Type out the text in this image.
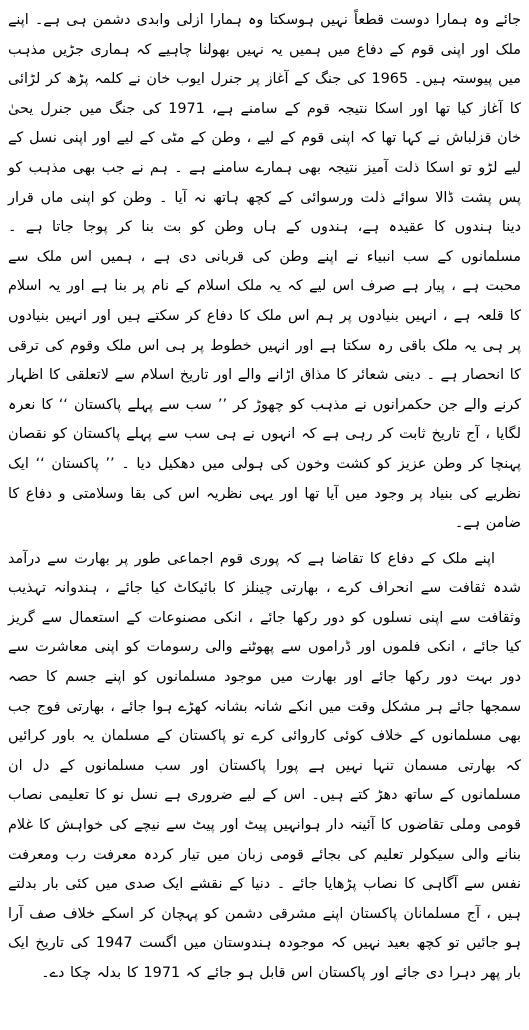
جائے وہ ہمارا دوست قطعاً نہیں ہوسکتا وہ ہمارا ازلی وابدی دشمن ہی ہے۔ اپنے ملک اور اپنی قوم کے دفاع میں ہمیں یہ نہیں بھولنا چاہیے کہ ہماری جڑیں مذہب میں پیوستہ ہیں۔ 1965 کی جنگ کے آغاز پر جنرل ایوب خان نے کلمہ پڑھ کر لڑائی کا آغاز کیا تھا اور اسکا نتیجہ قوم کے سامنے ہے، 1971 کی جنگ میں جنرل یحیٰ خان قزلباش نے کہا تھا کہ اپنی قوم کے لیے ، وطن کے مٹی کے لیے اور اپنی نسل کے لیے لڑو تو اسکا ذلت آمیز نتیجہ بھی ہمارے سامنے ہے ۔ ہم نے جب بھی مذہب کو پس پشت ڈالا سوائے ذلت ورسوائی کے کچھ ہاتھ نہ آیا ۔ وطن کو اپنی ماں قرار دینا ہندوں کا عقیدہ ہے، ہندوں کے ہاں وطن کو بت بنا کر پوجا جاتا ہے ۔ مسلمانوں کے سب انبیاء نے اپنے وطن کی قربانی دی ہے ، ہمیں اس ملک سے محبت ہے ، پیار ہے صرف اس لیے کہ یہ ملک اسلام کے نام پر بنا ہے اور یہ اسلام کا قلعہ ہے ، انہیں بنیادوں پر ہم اس ملک کا دفاع کر سکتے ہیں اور انہیں بنیادوں پر ہی یہ ملک باقی رہ سکتا ہے اور انہیں خطوط پر ہی اس ملک وقوم کی ترقی کا انحصار ہے ۔ دینی شعائر کا مذاق اڑانے والے اور تاریخ اسلام سے لاتعلقی کا اظہار کرنے والے جن حکمرانوں نے مذہب کو چھوڑ کر ’’ سب سے پہلے پاکستان ‘‘ کا نعرہ لگایا ، آج تاریخ ثابت کر رہی ہے کہ انہوں نے ہی سب سے پہلے پاکستان کو نقصان پہنچا کر وطن عزیز کو کشت وخون کی ہولی میں دھکیل دیا ۔ ’’ پاکستان ‘‘ ایک نظریے کی بنیاد پر وجود میں آیا تھا اور یہی نظریہ اس کی بقا وسلامتی و دفاع کا ضامن ہے۔

اپنے ملک کے دفاع کا تقاضا ہے کہ پوری قوم اجماعی طور پر بھارت سے درآمد شدہ ثقافت سے انحراف کرے ، بھارتی چینلز کا بائیکاٹ کیا جائے ، ہندوانہ تہذیب وثقافت سے اپنی نسلوں کو دور رکھا جائے ، انکی مصنوعات کے استعمال سے گریز کیا جائے ، انکی فلموں اور ڈراموں سے پھوٹنے والی رسومات کو اپنی معاشرت سے دور بہت دور رکھا جائے اور بھارت میں موجود مسلمانوں کو اپنے جسم کا حصہ سمجھا جائے ہر مشکل وقت میں انکے شانہ بشانہ کھڑے ہوا جائے ، بھارتی فوج جب بھی مسلمانوں کے خلاف کوئی کاروائی کرے تو پاکستان کے مسلمان یہ باور کرائیں کہ بھارتی مسمان تنہا نہیں ہے پورا پاکستان اور سب مسلمانوں کے دل ان مسلمانوں کے ساتھ دھڑ کتے ہیں۔ اس کے لیے ضروری ہے نسل نو کا تعلیمی نصاب قومی وملی تقاضوں کا آئینہ دار ہوانہیں پیٹ اور پیٹ سے نیچے کی خواہش کا غلام بنانے والی سیکولر تعلیم کی بجائے قومی زبان میں تیار کردہ معرفت رب ومعرفت نفس سے آگاہی کا نصاب پڑھایا جائے ۔ دنیا کے نقشے ایک صدی میں کئی بار بدلتے ہیں ، آج مسلمانان پاکستان اپنے مشرقی دشمن کو پہچان کر اسکے خلاف صف آرا ہو جائیں تو کچھ بعید نہیں کہ موجودہ ہندوستان میں اگست 1947 کی تاریخ ایک بار پھر دہرا دی جائے اور پاکستان اس قابل ہو جائے کہ 1971 کا بدلہ چکا دے۔
